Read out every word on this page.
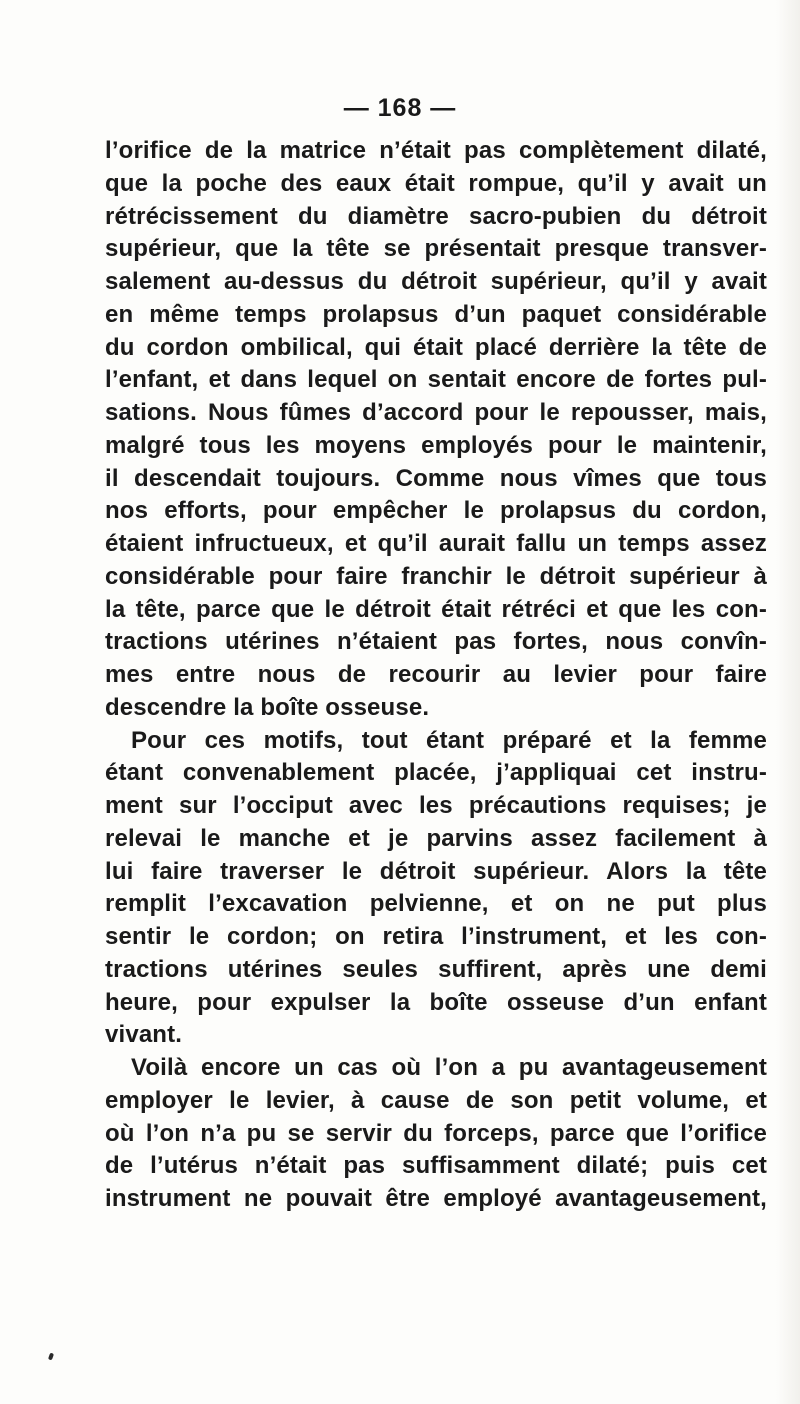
— 168 —
l’orifice de la matrice n’était pas complètement dilaté,
que la poche des eaux était rompue, qu’il y avait un
rétrécissement du diamètre sacro-pubien du détroit
supérieur, que la tête se présentait presque transver-
salement au-dessus du détroit supérieur, qu’il y avait
en même temps prolapsus d’un paquet considérable
du cordon ombilical, qui était placé derrière la tête de
l’enfant, et dans lequel on sentait encore de fortes pul-
sations. Nous fûmes d’accord pour le repousser, mais,
malgré tous les moyens employés pour le maintenir,
il descendait toujours. Comme nous vîmes que tous
nos efforts, pour empêcher le prolapsus du cordon,
étaient infructueux, et qu’il aurait fallu un temps assez
considérable pour faire franchir le détroit supérieur à
la tête, parce que le détroit était rétréci et que les con-
tractions utérines n’étaient pas fortes, nous convîn-
mes entre nous de recourir au levier pour faire
descendre la boîte osseuse.
Pour ces motifs, tout étant préparé et la femme
étant convenablement placée, j’appliquai cet instru-
ment sur l’occiput avec les précautions requises; je
relevai le manche et je parvins assez facilement à
lui faire traverser le détroit supérieur. Alors la tête
remplit l’excavation pelvienne, et on ne put plus
sentir le cordon; on retira l’instrument, et les con-
tractions utérines seules suffirent, après une demi
heure, pour expulser la boîte osseuse d’un enfant
vivant.
Voilà encore un cas où l’on a pu avantageusement
employer le levier, à cause de son petit volume, et
où l’on n’a pu se servir du forceps, parce que l’orifice
de l’utérus n’était pas suffisamment dilaté; puis cet
instrument ne pouvait être employé avantageusement,
